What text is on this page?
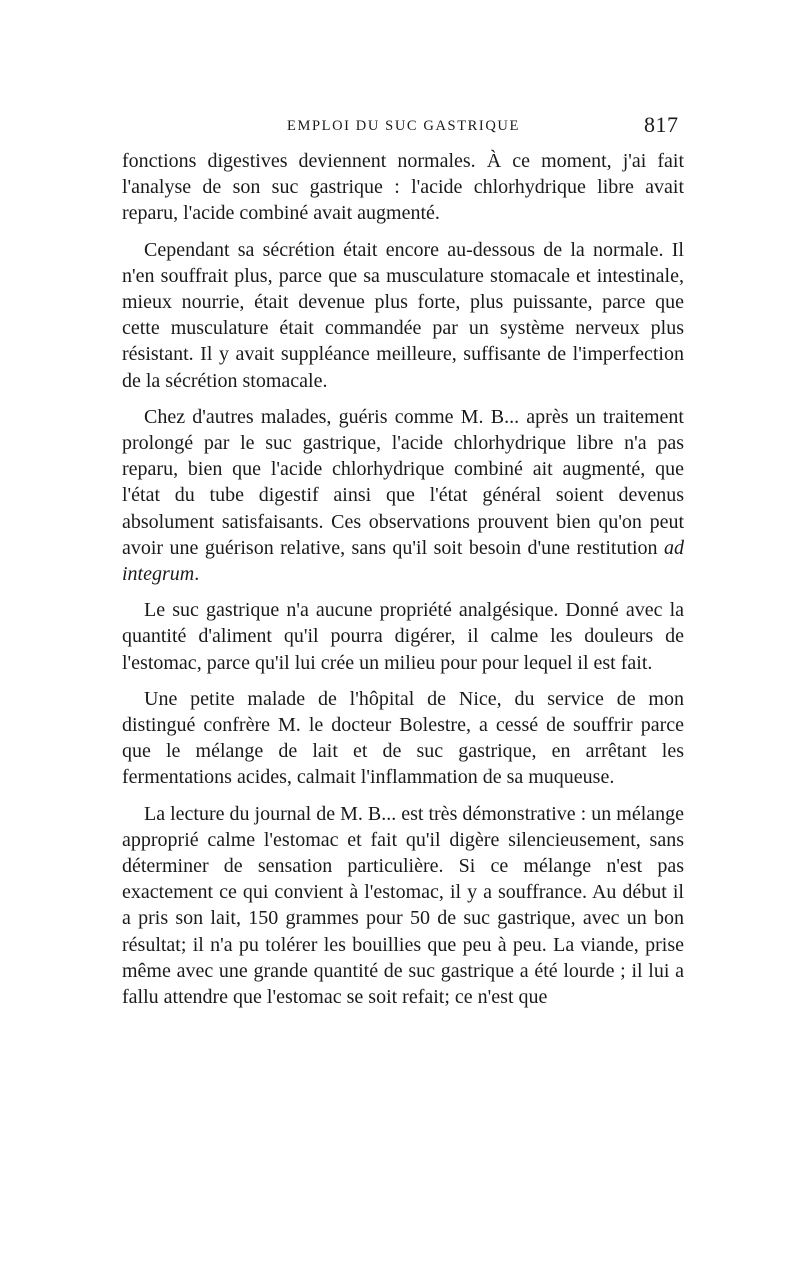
EMPLOI DU SUC GASTRIQUE	817

fonctions digestives deviennent normales. À ce moment, j'ai fait l'analyse de son suc gastrique : l'acide chlorhydrique libre avait reparu, l'acide combiné avait augmenté.

Cependant sa sécrétion était encore au-dessous de la normale. Il n'en souffrait plus, parce que sa musculature stomacale et intestinale, mieux nourrie, était devenue plus forte, plus puissante, parce que cette musculature était commandée par un système nerveux plus résistant. Il y avait suppléance meilleure, suffisante de l'imperfection de la sécrétion stomacale.

Chez d'autres malades, guéris comme M. B... après un traitement prolongé par le suc gastrique, l'acide chlorhydrique libre n'a pas reparu, bien que l'acide chlorhydrique combiné ait augmenté, que l'état du tube digestif ainsi que l'état général soient devenus absolument satisfaisants. Ces observations prouvent bien qu'on peut avoir une guérison relative, sans qu'il soit besoin d'une restitution ad integrum.

Le suc gastrique n'a aucune propriété analgésique. Donné avec la quantité d'aliment qu'il pourra digérer, il calme les douleurs de l'estomac, parce qu'il lui crée un milieu pour pour lequel il est fait.

Une petite malade de l'hôpital de Nice, du service de mon distingué confrère M. le docteur Bolestre, a cessé de souffrir parce que le mélange de lait et de suc gastrique, en arrêtant les fermentations acides, calmait l'inflammation de sa muqueuse.

La lecture du journal de M. B... est très démonstrative : un mélange approprié calme l'estomac et fait qu'il digère silencieusement, sans déterminer de sensation particulière. Si ce mélange n'est pas exactement ce qui convient à l'estomac, il y a souffrance. Au début il a pris son lait, 150 grammes pour 50 de suc gastrique, avec un bon résultat; il n'a pu tolérer les bouillies que peu à peu. La viande, prise même avec une grande quantité de suc gastrique a été lourde ; il lui a fallu attendre que l'estomac se soit refait; ce n'est que
